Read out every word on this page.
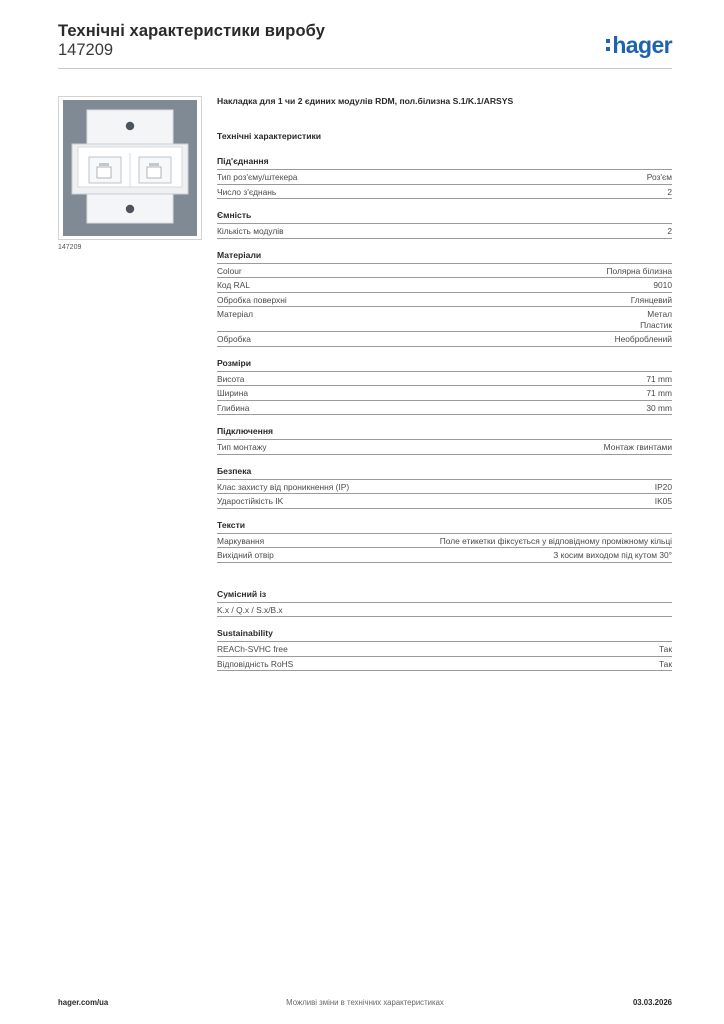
Технічні характеристики виробу
147209	hager
147209
Накладка для 1 чи 2 єдиних модулів RDM, пол.білизна S.1/K.1/ARSYS
Технічні характеристики
Під'єднання
Тип роз'єму/штекера	Роз'єм
Число з'єднань	2
Ємність
Кількість модулів	2
Матеріали
Colour	Полярна білизна
Код RAL	9010
Обробка поверхні	Глянцевий
Матеріал	Метал
Пластик
Обробка	Необроблений
Розміри
Висота	71 mm
Ширина	71 mm
Глибина	30 mm
Підключення
Тип монтажу	Монтаж гвинтами
Безпека
Клас захисту від проникнення (IP)	IP20
Ударостійкість IK	IK05
Тексти
Маркування	Поле етикетки фіксується у відповідному проміжному кільці
Вихідний отвір	З косим виходом під кутом 30°
Сумісний із
K.x / Q.x / S.x/B.x
Sustainability
REACh-SVHC free	Так
Відповідність RoHS	Так
hager.com/ua	Можливі зміни в технічних характеристиках	03.03.2026
